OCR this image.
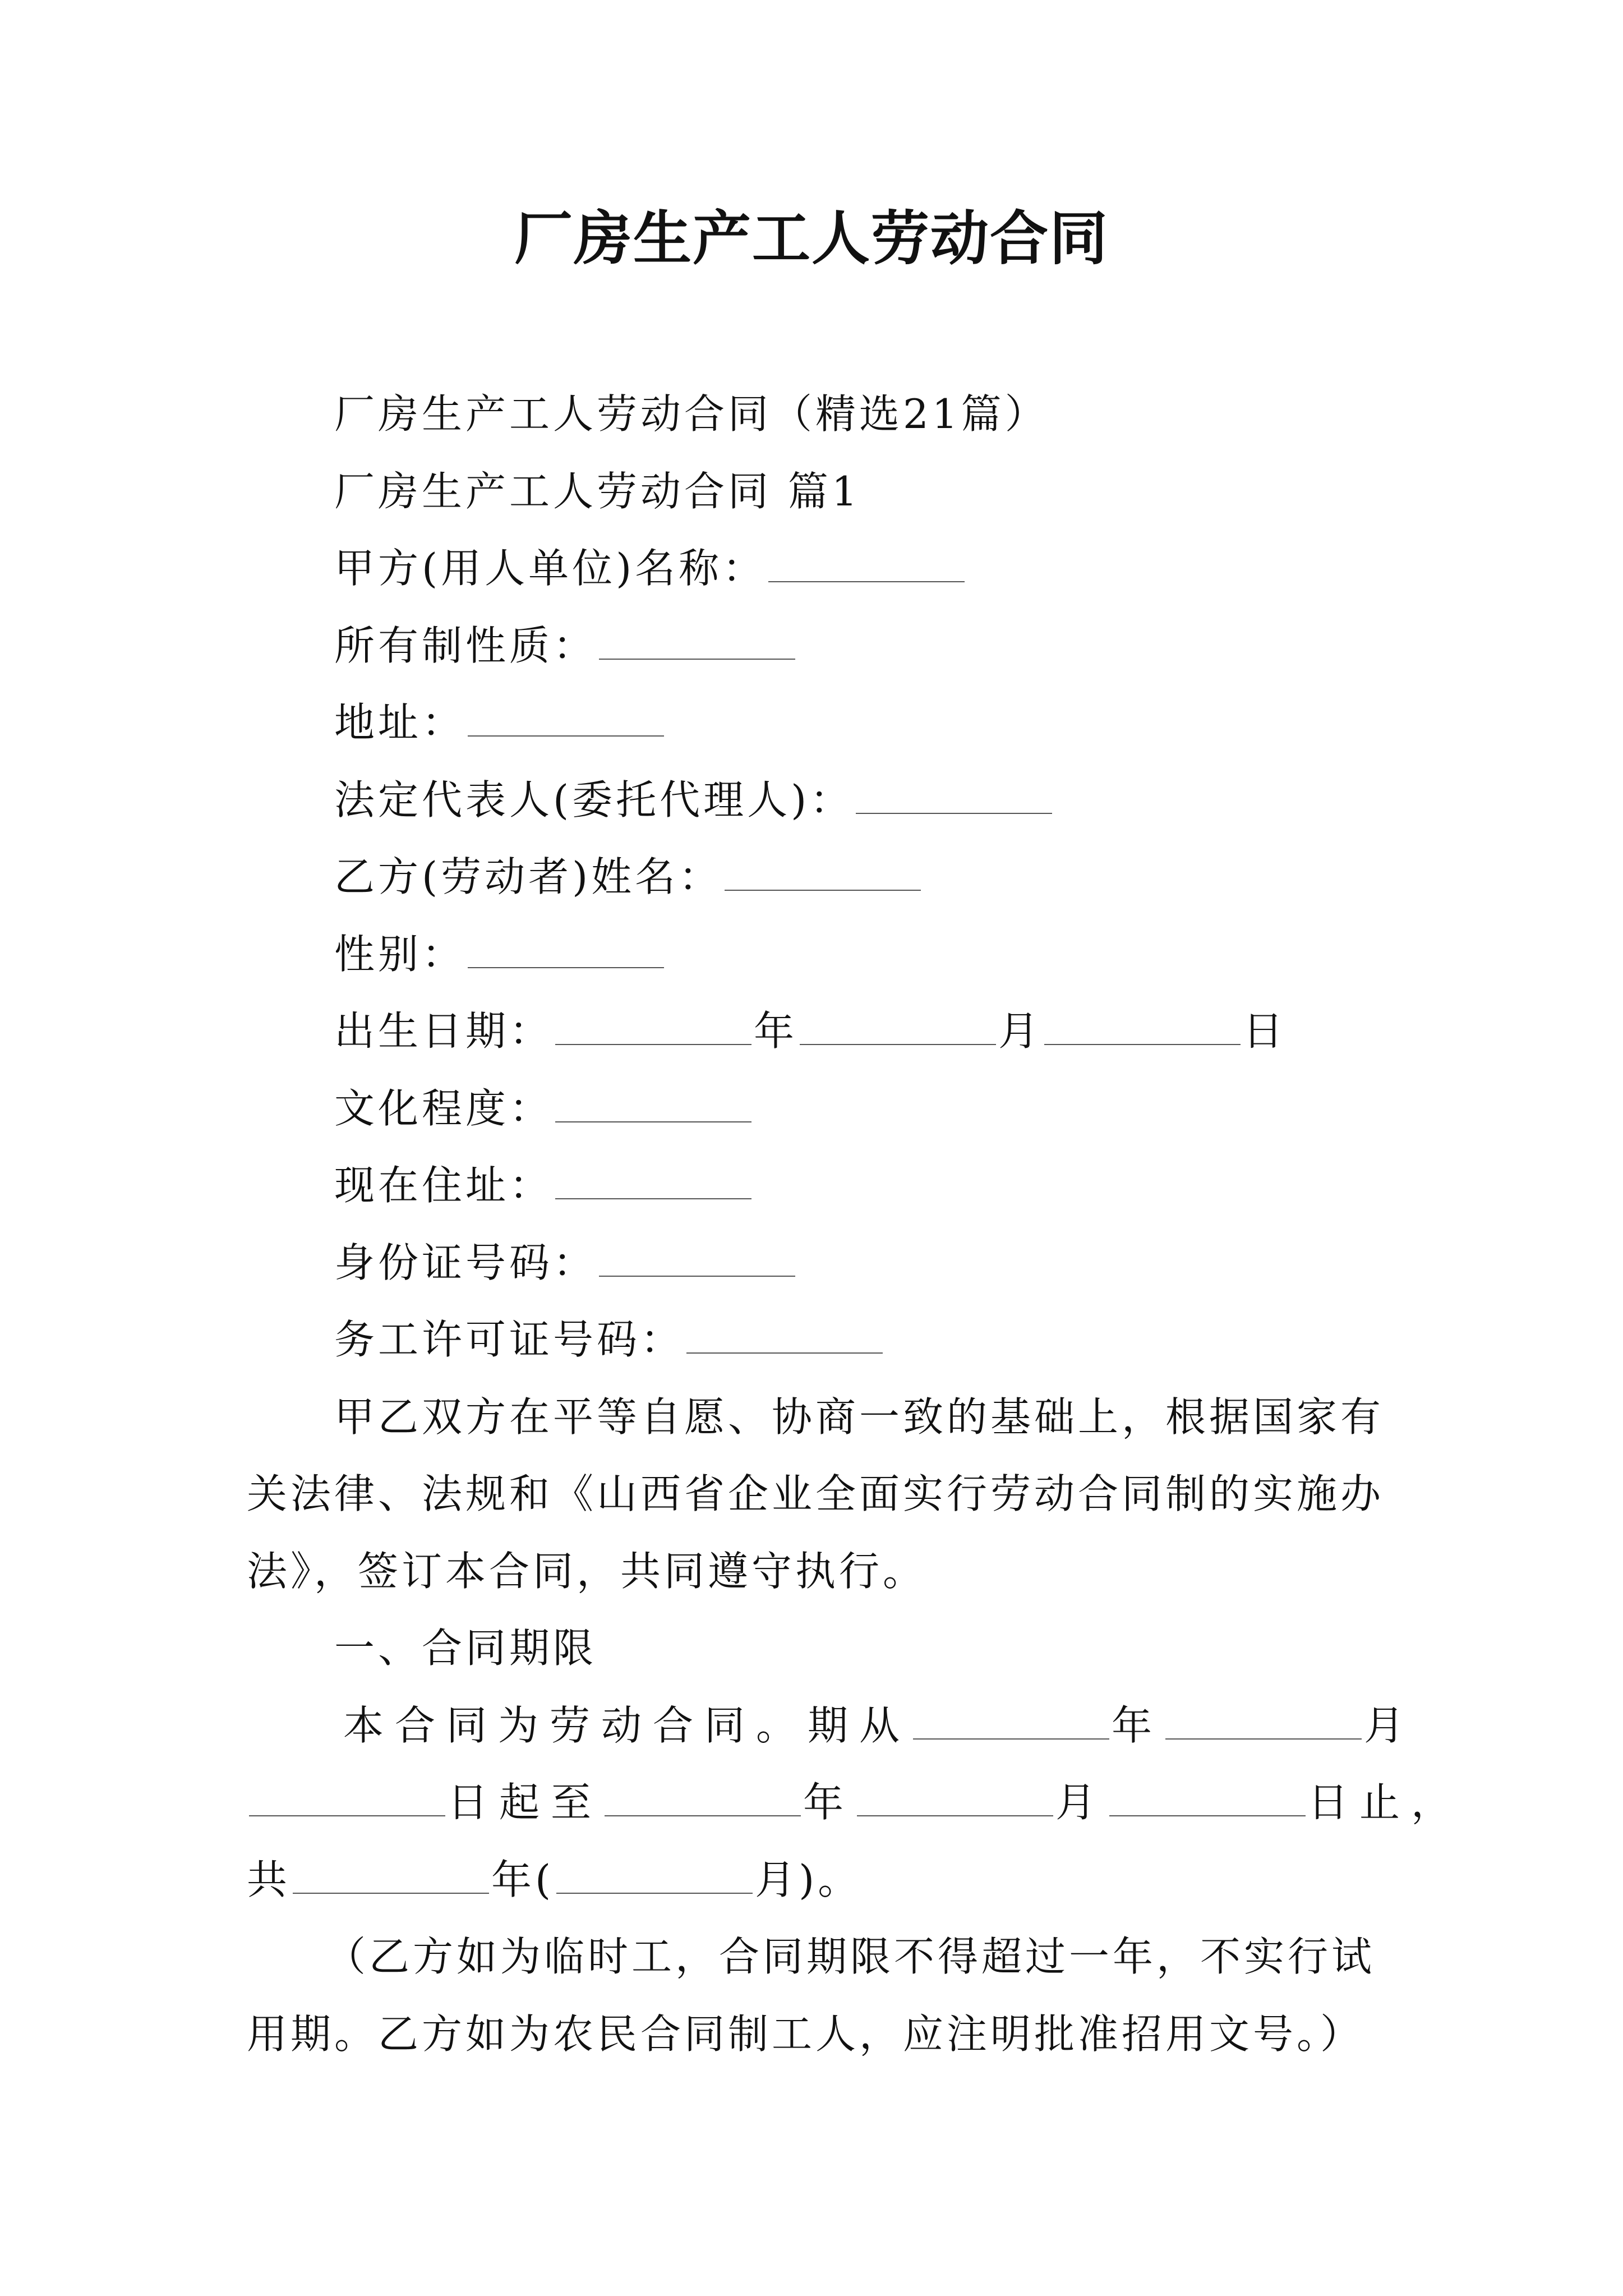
厂房生产工人劳动合同
厂房生产工人劳动合同（精选21篇）
厂房生产工人劳动合同 篇1
甲方(用人单位)名称：
所有制性质：
地址：
法定代表人(委托代理人)：
乙方(劳动者)姓名：
性别：
出生日期：	年	月	日
文化程度：
现在住址：
身份证号码：
务工许可证号码：
甲乙双方在平等自愿、协商一致的基础上，根据国家有
关法律、法规和《山西省企业全面实行劳动合同制的实施办
法》，签订本合同，共同遵守执行。
一、合同期限
本合同为劳动合同。期从	年	月
日起至	年	月	日止，
共	年(	月)。
（乙方如为临时工，合同期限不得超过一年，不实行试
用期。乙方如为农民合同制工人，应注明批准招用文号。）
